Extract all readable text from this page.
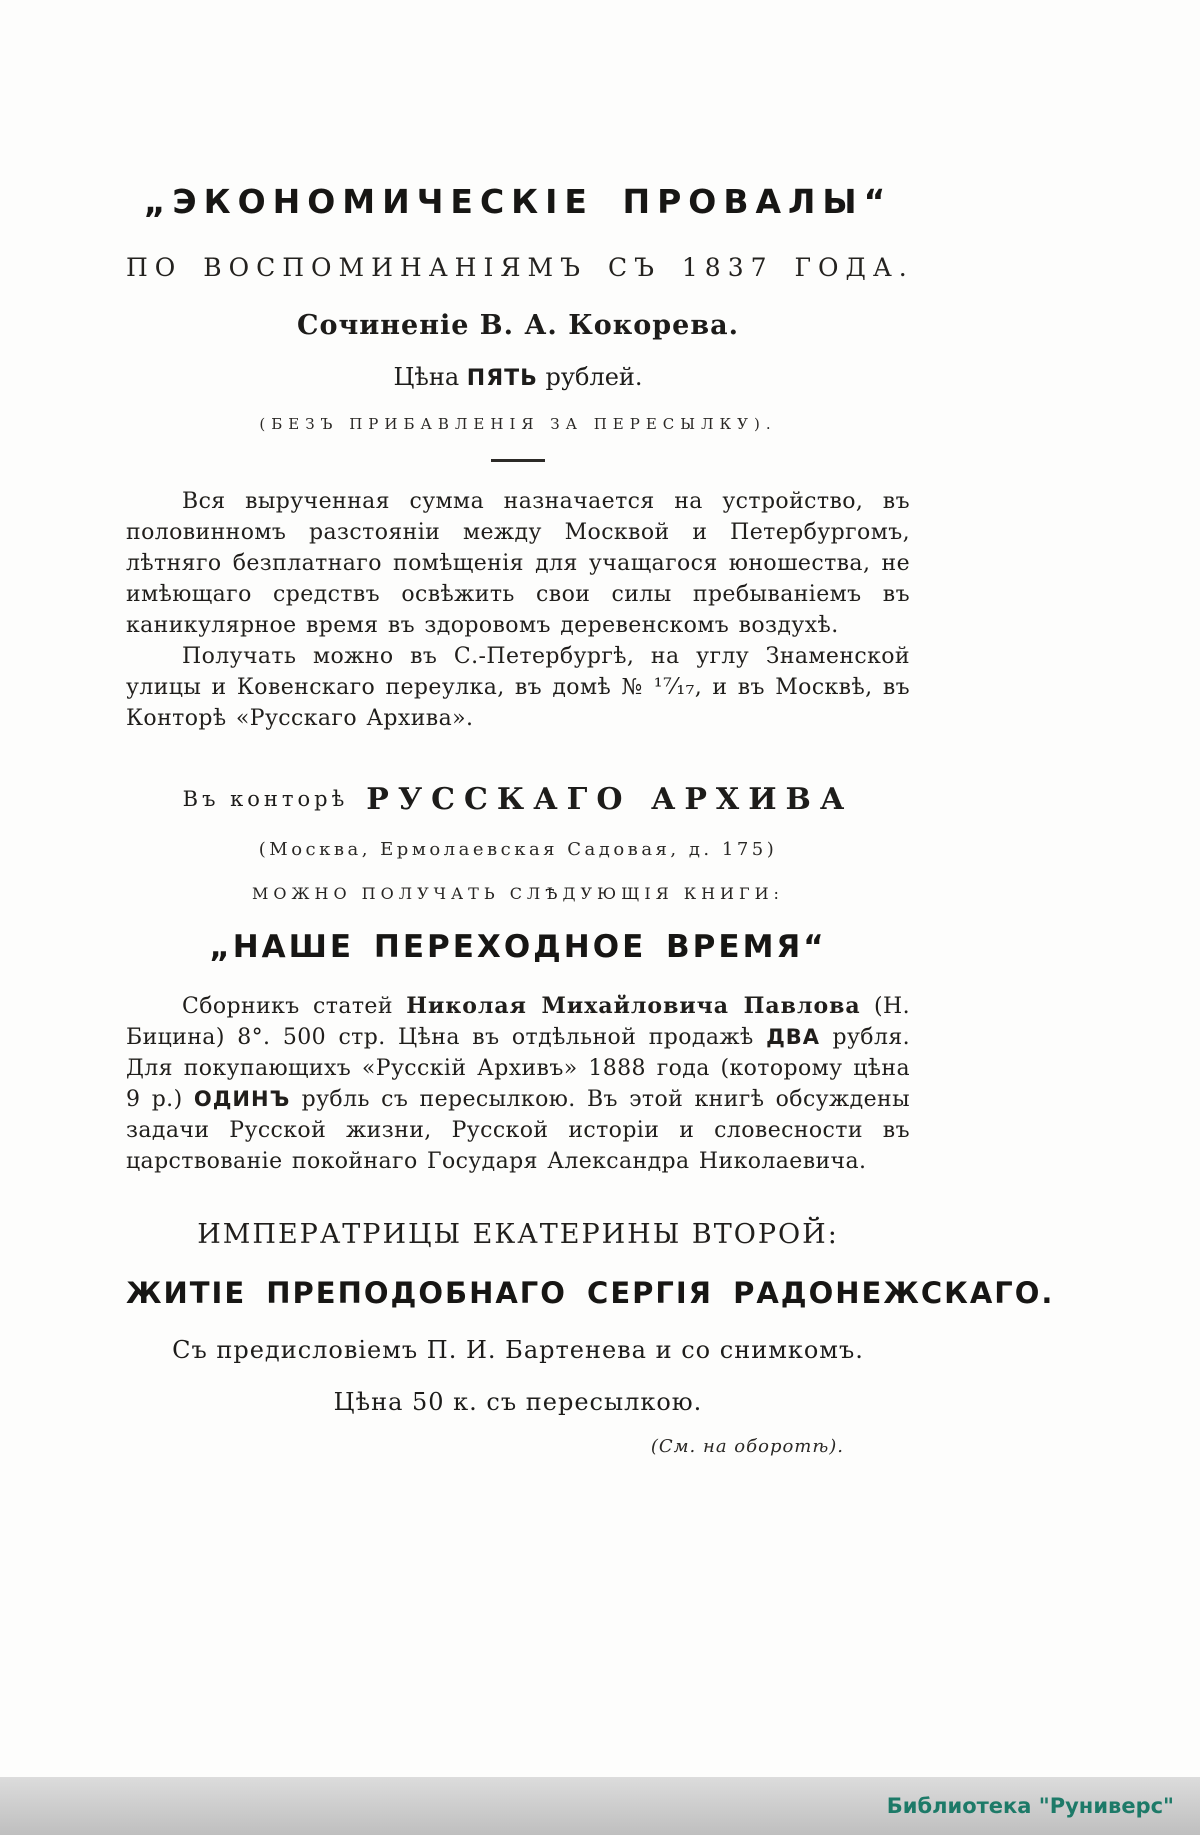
„ЭКОНОМИЧЕСКІЕ ПРОВАЛЫ“
ПО ВОСПОМИНАНІЯМЪ СЪ 1837 ГОДА.
Сочиненіе В. А. Кокорева.
Цѣна ПЯТЬ рублей.
(БЕЗЪ ПРИБАВЛЕНІЯ ЗА ПЕРЕСЫЛКУ).

Вся вырученная сумма назначается на устройство, въ половинномъ разстояніи между Москвой и Петербургомъ, лѣтняго безплатнаго помѣщенія для учащагося юношества, не имѣющаго средствъ освѣжить свои силы пребываніемъ въ каникулярное время въ здоровомъ деревенскомъ воздухѣ.

Получать можно въ С.-Петербургѣ, на углу Знаменской улицы и Ковенскаго переулка, въ домѣ № ¹⁷⁄₁₇, и въ Москвѣ, въ Конторѣ «Русскаго Архива».

Въ конторѣ РУССКАГО АРХИВА
(Москва, Ермолаевская Садовая, д. 175)
МОЖНО ПОЛУЧАТЬ СЛѢДУЮЩІЯ КНИГИ:
„НАШЕ ПЕРЕХОДНОЕ ВРЕМЯ“

Сборникъ статей Николая Михайловича Павлова (Н. Бицина) 8°. 500 стр. Цѣна въ отдѣльной продажѣ ДВА рубля. Для покупающихъ «Русскій Архивъ» 1888 года (которому цѣна 9 р.) ОДИНЪ рубль съ пересылкою. Въ этой книгѣ обсуждены задачи Русской жизни, Русской исторіи и словесности въ царствованіе покойнаго Государя Александра Николаевича.

ИМПЕРАТРИЦЫ ЕКАТЕРИНЫ ВТОРОЙ:
ЖИТІЕ ПРЕПОДОБНАГО СЕРГІЯ РАДОНЕЖСКАГО.
Съ предисловіемъ П. И. Бартенева и со снимкомъ.
Цѣна 50 к. съ пересылкою.
(См. на оборотѣ).
Библиотека "Руниверс"
